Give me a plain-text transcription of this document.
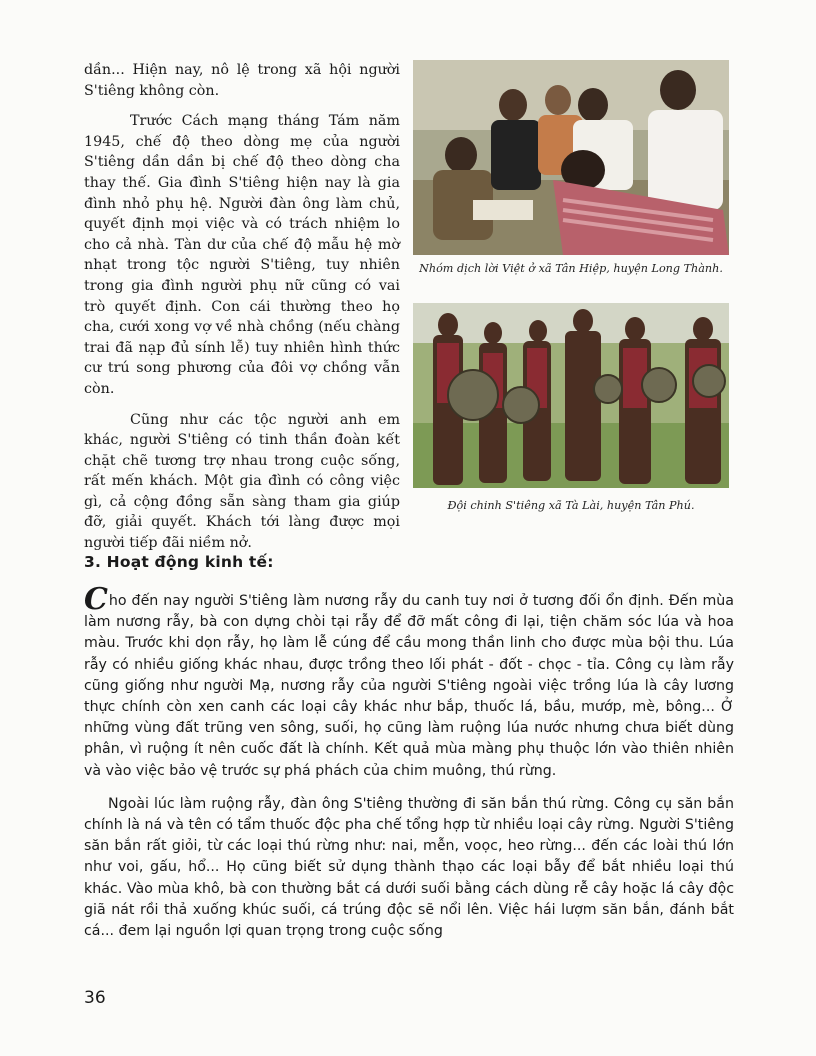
dần... Hiện nay, nô lệ trong xã hội người S'tiêng không còn.

Trước Cách mạng tháng Tám năm 1945, chế độ theo dòng mẹ của người S'tiêng dần dần bị chế độ theo dòng cha thay thế. Gia đình S'tiêng hiện nay là gia đình nhỏ phụ hệ. Người đàn ông làm chủ, quyết định mọi việc và có trách nhiệm lo cho cả nhà. Tàn dư của chế độ mẫu hệ mờ nhạt trong tộc người S'tiêng, tuy nhiên trong gia đình người phụ nữ cũng có vai trò quyết định. Con cái thường theo họ cha, cưới xong vợ về nhà chồng (nếu chàng trai đã nạp đủ sính lễ) tuy nhiên hình thức cư trú song phương của đôi vợ chồng vẫn còn.

Cũng như các tộc người anh em khác, người S'tiêng có tinh thần đoàn kết chặt chẽ tương trợ nhau trong cuộc sống, rất mến khách. Một gia đình có công việc gì, cả cộng đồng sẵn sàng tham gia giúp đỡ, giải quyết. Khách tới làng được mọi người tiếp đãi niềm nở.

Nhóm dịch lời Việt ở xã Tân Hiệp, huyện Long Thành.
Đội chinh S'tiêng xã Tà Lài, huyện Tân Phú.
3. Hoạt động kinh tế:

Cho đến nay người S'tiêng làm nương rẫy du canh tuy nơi ở tương đối ổn định. Đến mùa làm nương rẫy, bà con dựng chòi tại rẫy để đỡ mất công đi lại, tiện chăm sóc lúa và hoa màu. Trước khi dọn rẫy, họ làm lễ cúng để cầu mong thần linh cho được mùa bội thu. Lúa rẫy có nhiều giống khác nhau, được trồng theo lối phát - đốt - chọc - tỉa. Công cụ làm rẫy cũng giống như người Mạ, nương rẫy của người S'tiêng ngoài việc trồng lúa là cây lương thực chính còn xen canh các loại cây khác như bắp, thuốc lá, bầu, mướp, mè, bông... Ở những vùng đất trũng ven sông, suối, họ cũng làm ruộng lúa nước nhưng chưa biết dùng phân, vì ruộng ít nên cuốc đất là chính. Kết quả mùa màng phụ thuộc lớn vào thiên nhiên và vào việc bảo vệ trước sự phá phách của chim muông, thú rừng.

Ngoài lúc làm ruộng rẫy, đàn ông S'tiêng thường đi săn bắn thú rừng. Công cụ săn bắn chính là ná và tên có tẩm thuốc độc pha chế tổng hợp từ nhiều loại cây rừng. Người S'tiêng săn bắn rất giỏi, từ các loại thú rừng như: nai, mễn, voọc, heo rừng... đến các loài thú lớn như voi, gấu, hổ... Họ cũng biết sử dụng thành thạo các loại bẫy để bắt nhiều loại thú khác. Vào mùa khô, bà con thường bắt cá dưới suối bằng cách dùng rễ cây hoặc lá cây độc giã nát rồi thả xuống khúc suối, cá trúng độc sẽ nổi lên. Việc hái lượm săn bắn, đánh bắt cá... đem lại nguồn lợi quan trọng trong cuộc sống

36
